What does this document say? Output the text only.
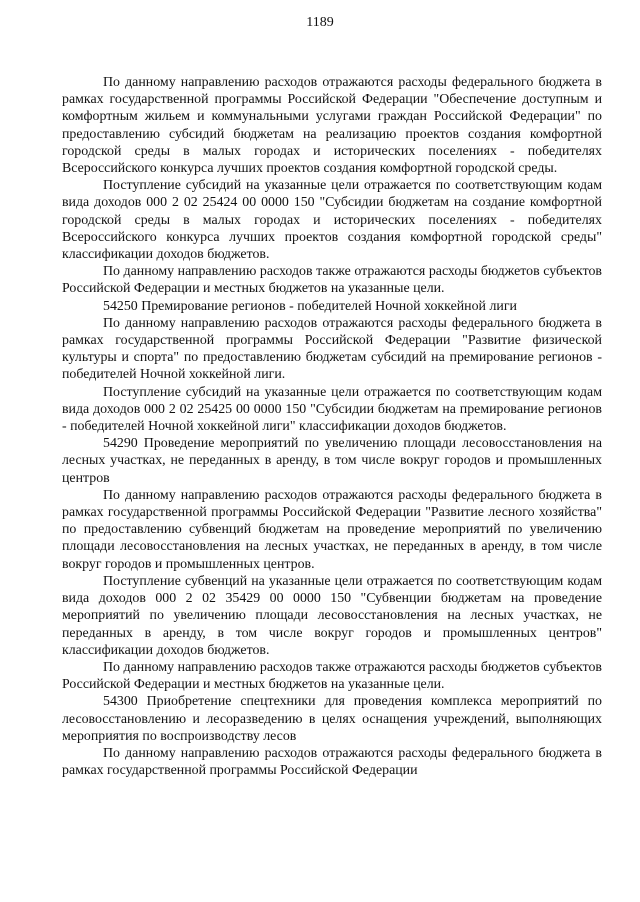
1189

По данному направлению расходов отражаются расходы федерального бюджета в рамках государственной программы Российской Федерации "Обеспечение доступным и комфортным жильем и коммунальными услугами граждан Российской Федерации" по предоставлению субсидий бюджетам на реализацию проектов создания комфортной городской среды в малых городах и исторических поселениях - победителях Всероссийского конкурса лучших проектов создания комфортной городской среды.

Поступление субсидий на указанные цели отражается по соответствующим кодам вида доходов 000 2 02 25424 00 0000 150 "Субсидии бюджетам на создание комфортной городской среды в малых городах и исторических поселениях - победителях Всероссийского конкурса лучших проектов создания комфортной городской среды" классификации доходов бюджетов.

По данному направлению расходов также отражаются расходы бюджетов субъектов Российской Федерации и местных бюджетов на указанные цели.

54250 Премирование регионов - победителей Ночной хоккейной лиги

По данному направлению расходов отражаются расходы федерального бюджета в рамках государственной программы Российской Федерации "Развитие физической культуры и спорта" по предоставлению бюджетам субсидий на премирование регионов - победителей Ночной хоккейной лиги.

Поступление субсидий на указанные цели отражается по соответствующим кодам вида доходов 000 2 02 25425 00 0000 150 "Субсидии бюджетам на премирование регионов - победителей Ночной хоккейной лиги" классификации доходов бюджетов.

54290 Проведение мероприятий по увеличению площади лесовосстановления на лесных участках, не переданных в аренду, в том числе вокруг городов и промышленных центров

По данному направлению расходов отражаются расходы федерального бюджета в рамках государственной программы Российской Федерации "Развитие лесного хозяйства" по предоставлению субвенций бюджетам на проведение мероприятий по увеличению площади лесовосстановления на лесных участках, не переданных в аренду, в том числе вокруг городов и промышленных центров.

Поступление субвенций на указанные цели отражается по соответствующим кодам вида доходов 000 2 02 35429 00 0000 150 "Субвенции бюджетам на проведение мероприятий по увеличению площади лесовосстановления на лесных участках, не переданных в аренду, в том числе вокруг городов и промышленных центров" классификации доходов бюджетов.

По данному направлению расходов также отражаются расходы бюджетов субъектов Российской Федерации и местных бюджетов на указанные цели.

54300 Приобретение спецтехники для проведения комплекса мероприятий по лесовосстановлению и лесоразведению в целях оснащения учреждений, выполняющих мероприятия по воспроизводству лесов

По данному направлению расходов отражаются расходы федерального бюджета в рамках государственной программы Российской Федерации
